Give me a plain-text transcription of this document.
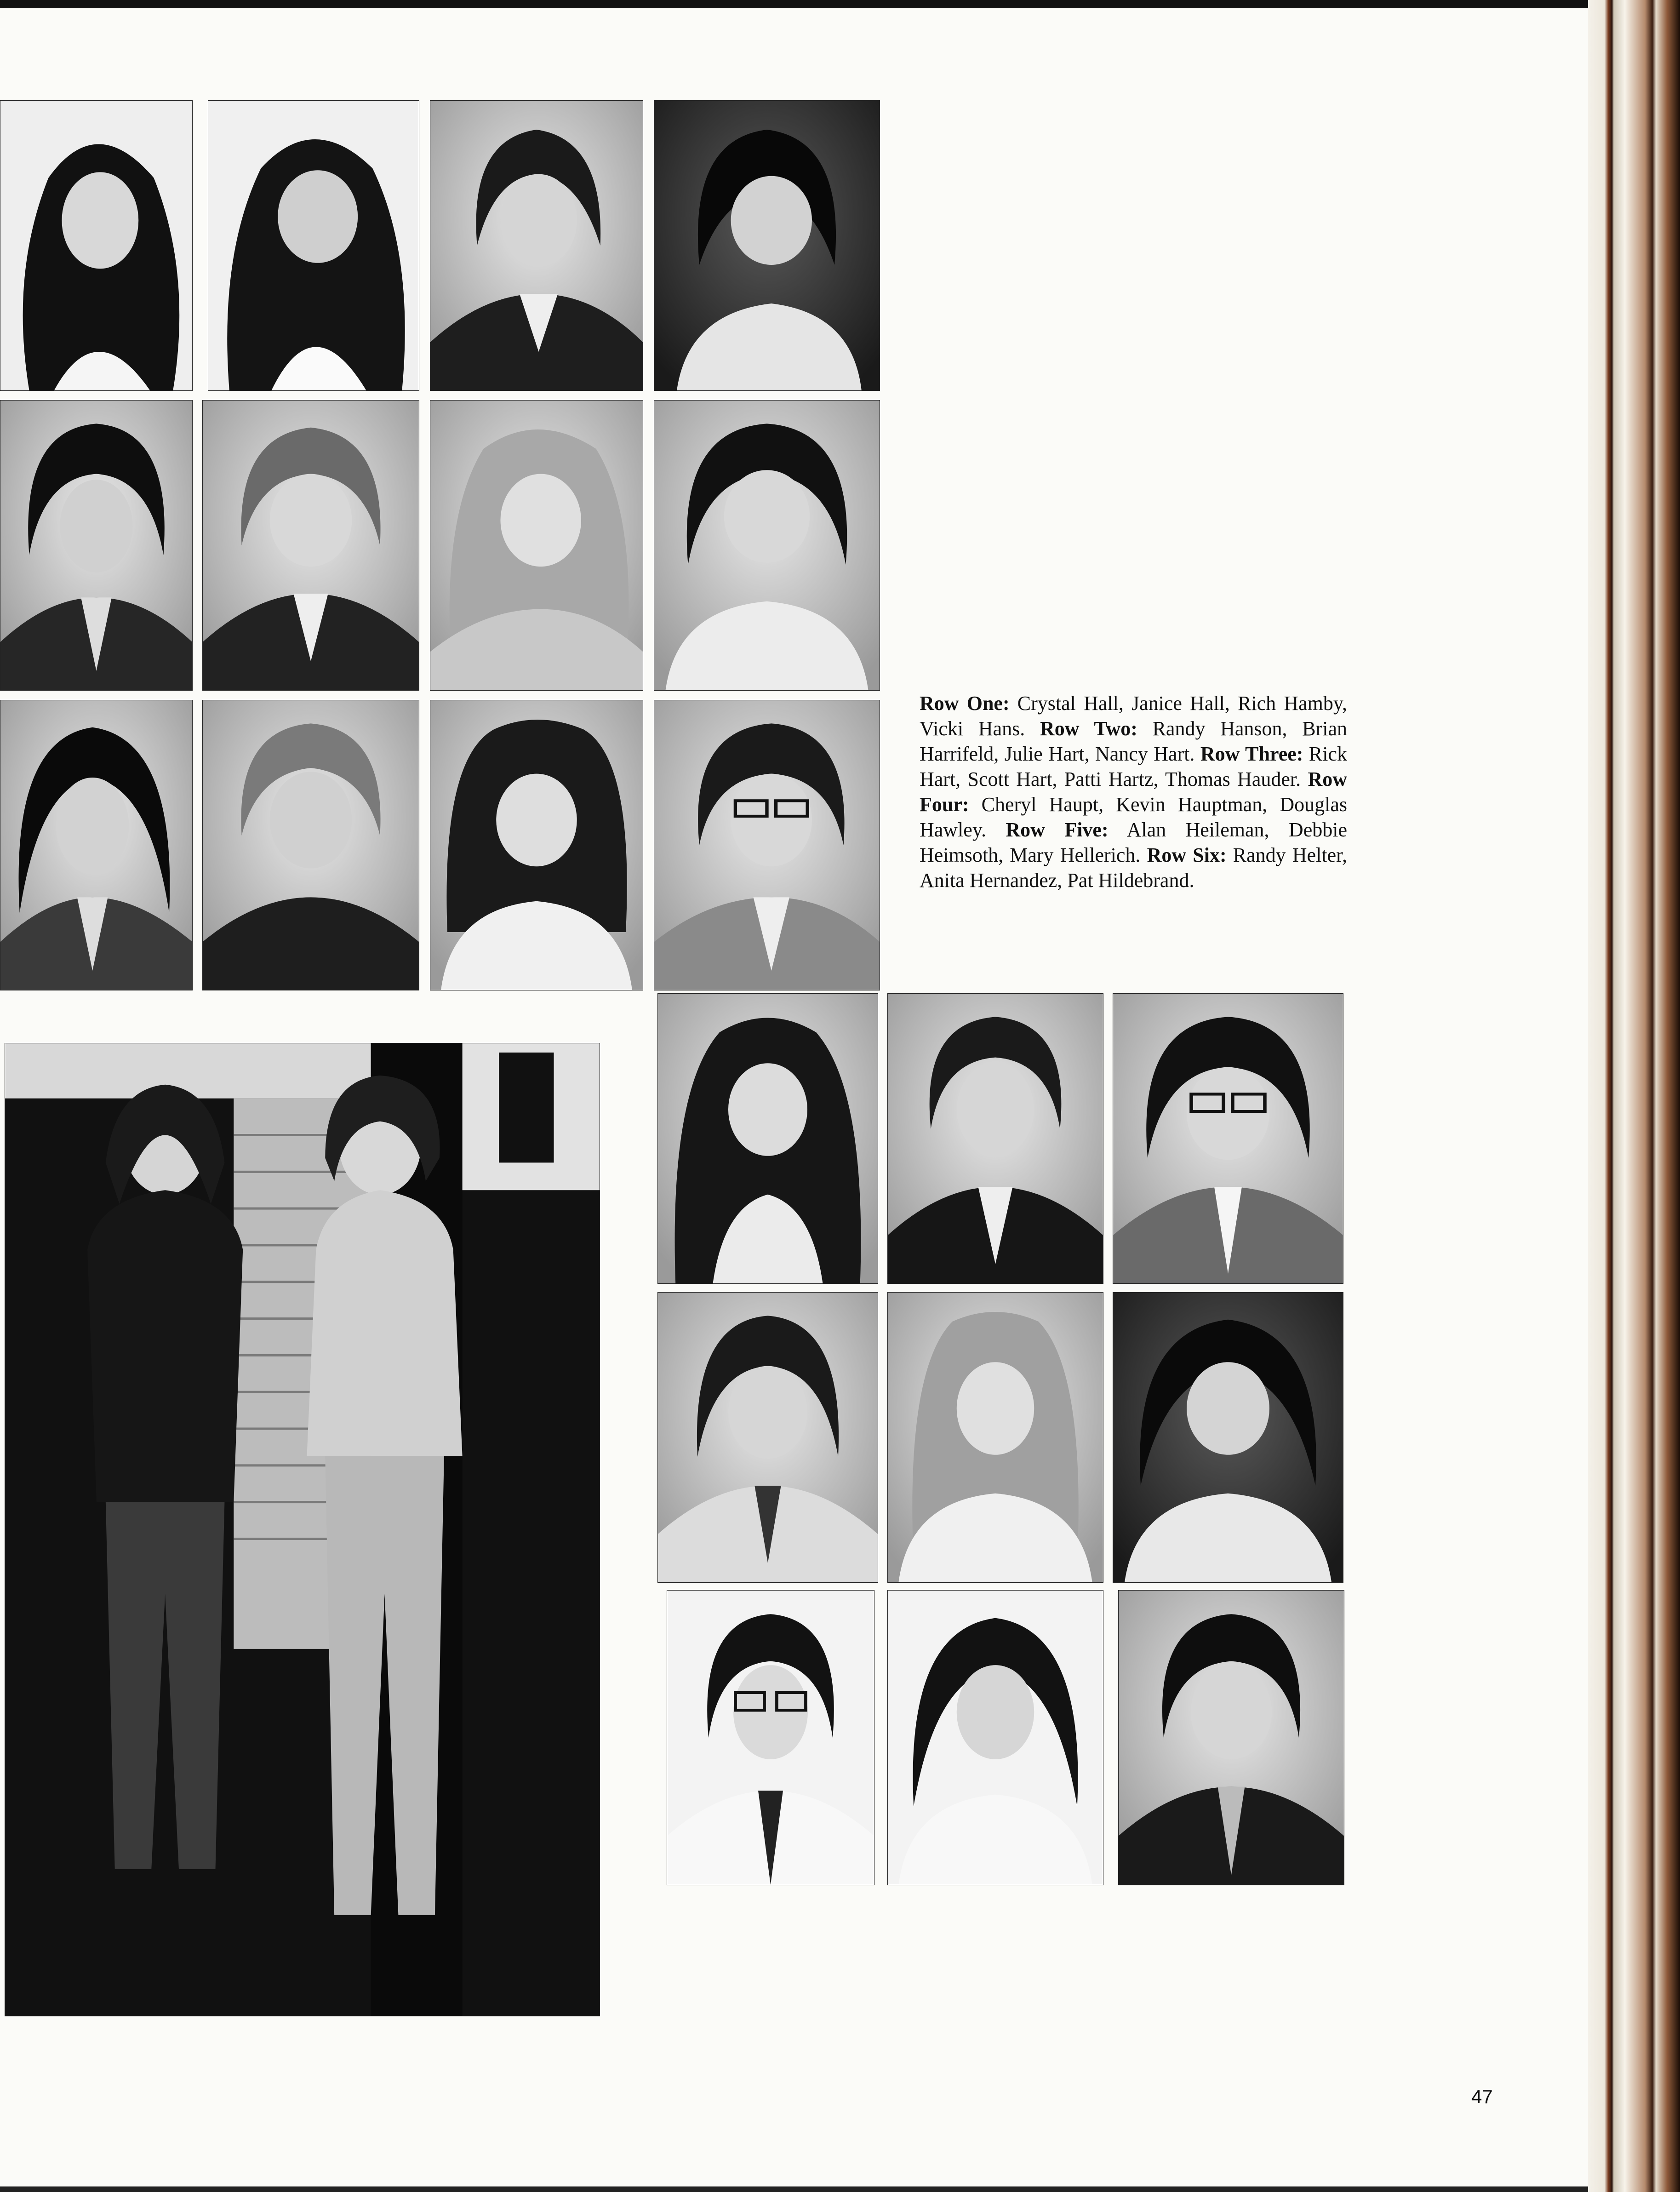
Row One: Crystal Hall, Janice Hall, Rich Hamby, Vicki Hans. Row Two: Randy Hanson, Brian Harrifeld, Julie Hart, Nancy Hart. Row Three: Rick Hart, Scott Hart, Patti Hartz, Thomas Hauder. Row Four: Cheryl Haupt, Kevin Hauptman, Douglas Hawley. Row Five: Alan Heileman, Debbie Heimsoth, Mary Hellerich. Row Six: Randy Helter, Anita Hernandez, Pat Hildebrand.
47
